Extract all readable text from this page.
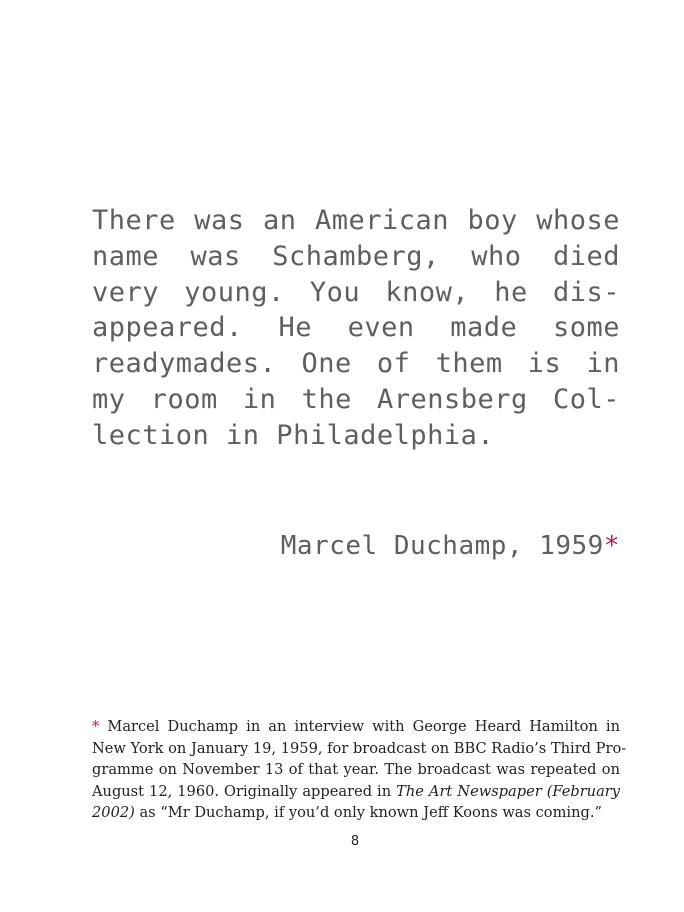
There was an American boy whose
name was Schamberg, who died
very young. You know, he dis-
appeared. He even made some
readymades. One of them is in
my room in the Arensberg Col-
lection in Philadelphia.

Marcel Duchamp, 1959*

* Marcel Duchamp in an interview with George Heard Hamilton in
New York on January 19, 1959, for broadcast on BBC Radio’s Third Pro-
gramme on November 13 of that year. The broadcast was repeated on
August 12, 1960. Originally appeared in The Art Newspaper (February
2002) as “Mr Duchamp, if you’d only known Jeff Koons was coming.”

8
